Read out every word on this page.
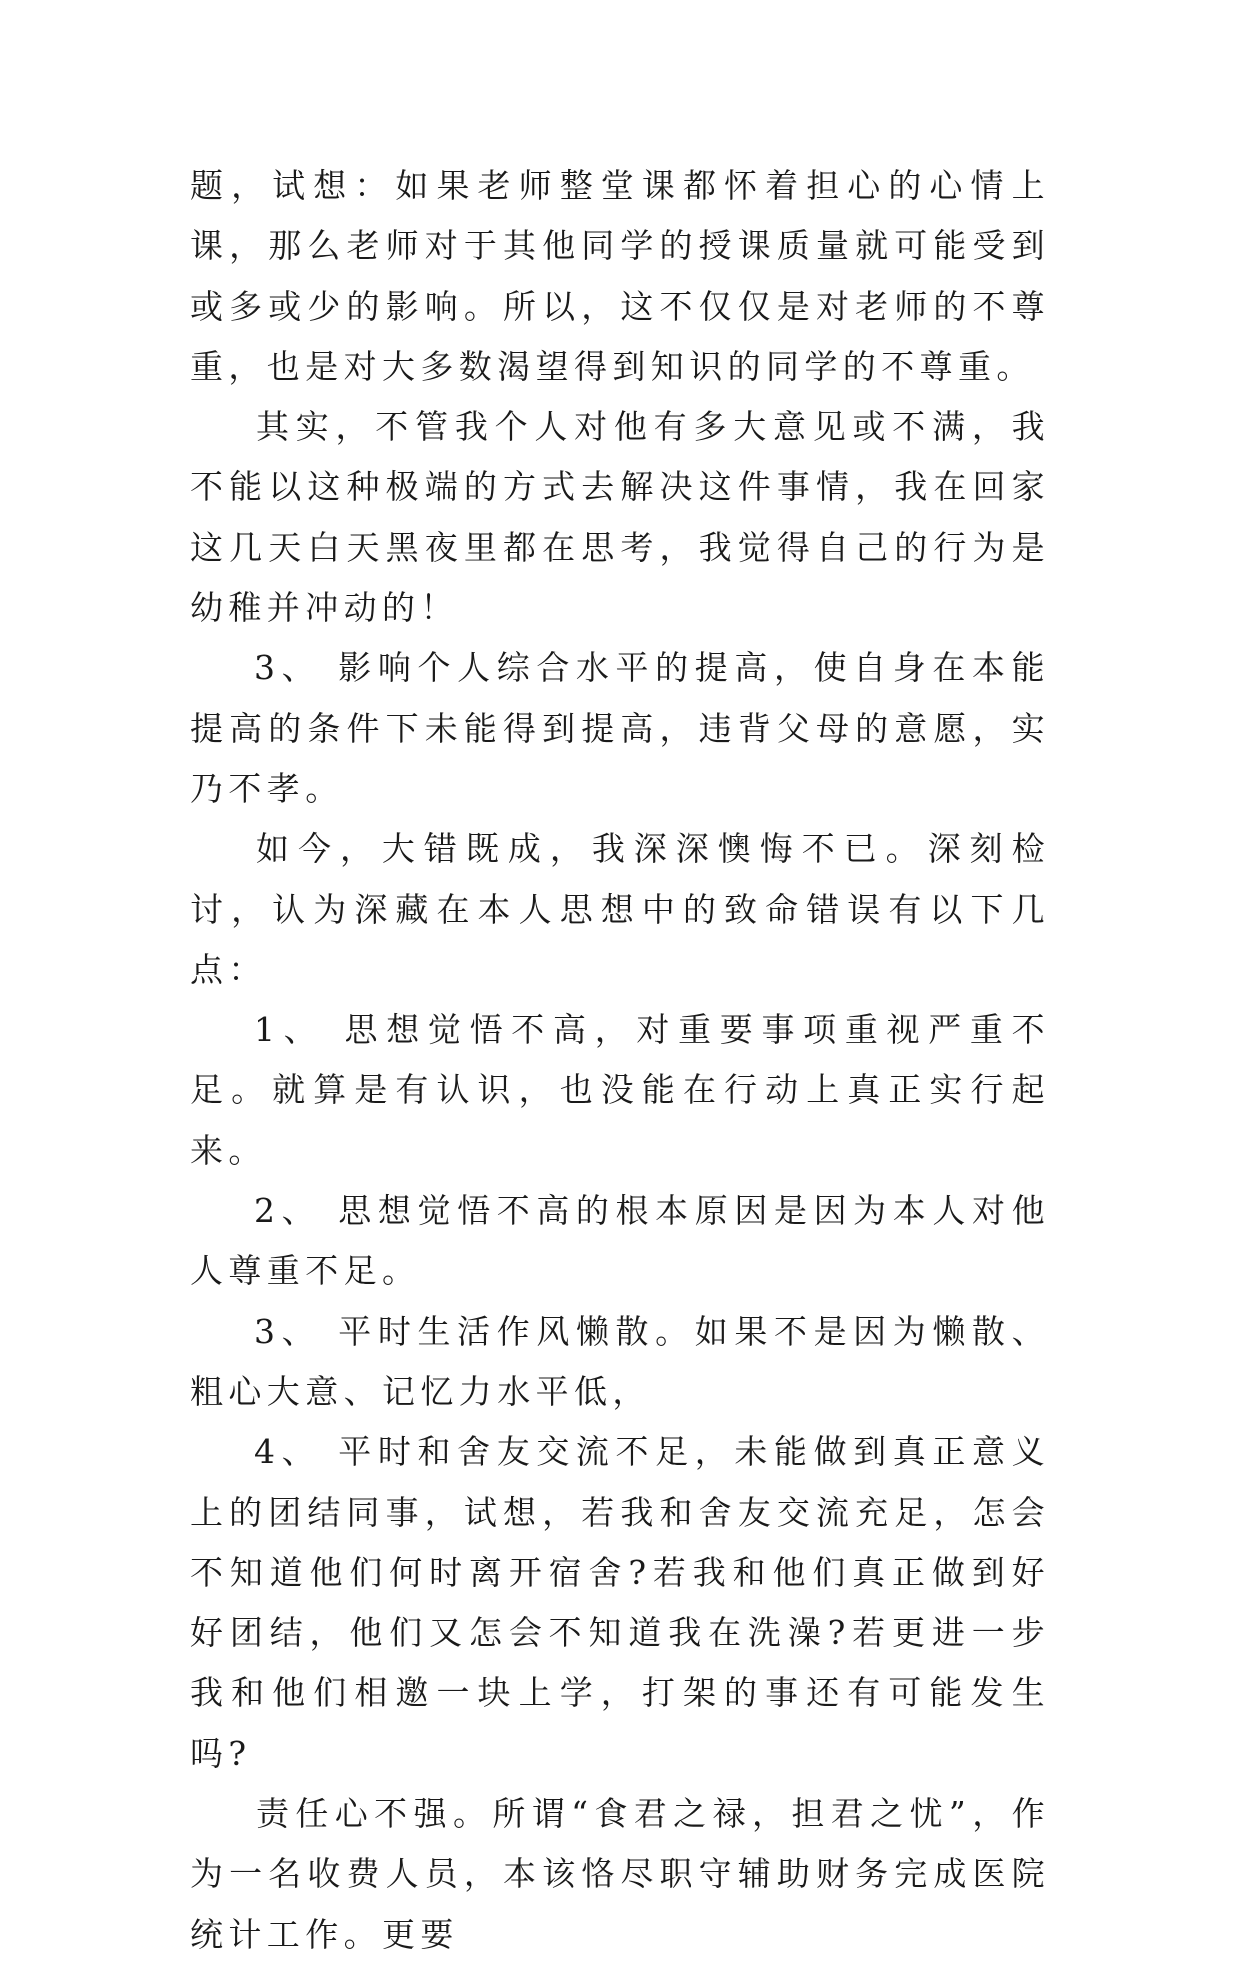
题，试想：如果老师整堂课都怀着担心的心情上课，那么老师对于其他同学的授课质量就可能受到或多或少的影响。所以，这不仅仅是对老师的不尊重，也是对大多数渴望得到知识的同学的不尊重。

其实，不管我个人对他有多大意见或不满，我不能以这种极端的方式去解决这件事情，我在回家这几天白天黑夜里都在思考，我觉得自己的行为是幼稚并冲动的！

3、 影响个人综合水平的提高，使自身在本能提高的条件下未能得到提高，违背父母的意愿，实乃不孝。

如今，大错既成，我深深懊悔不已。深刻检讨，认为深藏在本人思想中的致命错误有以下几点：

1、 思想觉悟不高，对重要事项重视严重不足。就算是有认识，也没能在行动上真正实行起来。

2、 思想觉悟不高的根本原因是因为本人对他人尊重不足。

3、 平时生活作风懒散。如果不是因为懒散、粗心大意、记忆力水平低，

4、 平时和舍友交流不足，未能做到真正意义上的团结同事，试想，若我和舍友交流充足，怎会不知道他们何时离开宿舍?若我和他们真正做到好好团结，他们又怎会不知道我在洗澡?若更进一步我和他们相邀一块上学，打架的事还有可能发生吗?

责任心不强。所谓“食君之禄，担君之忧”，作为一名收费人员，本该恪尽职守辅助财务完成医院统计工作。更要
